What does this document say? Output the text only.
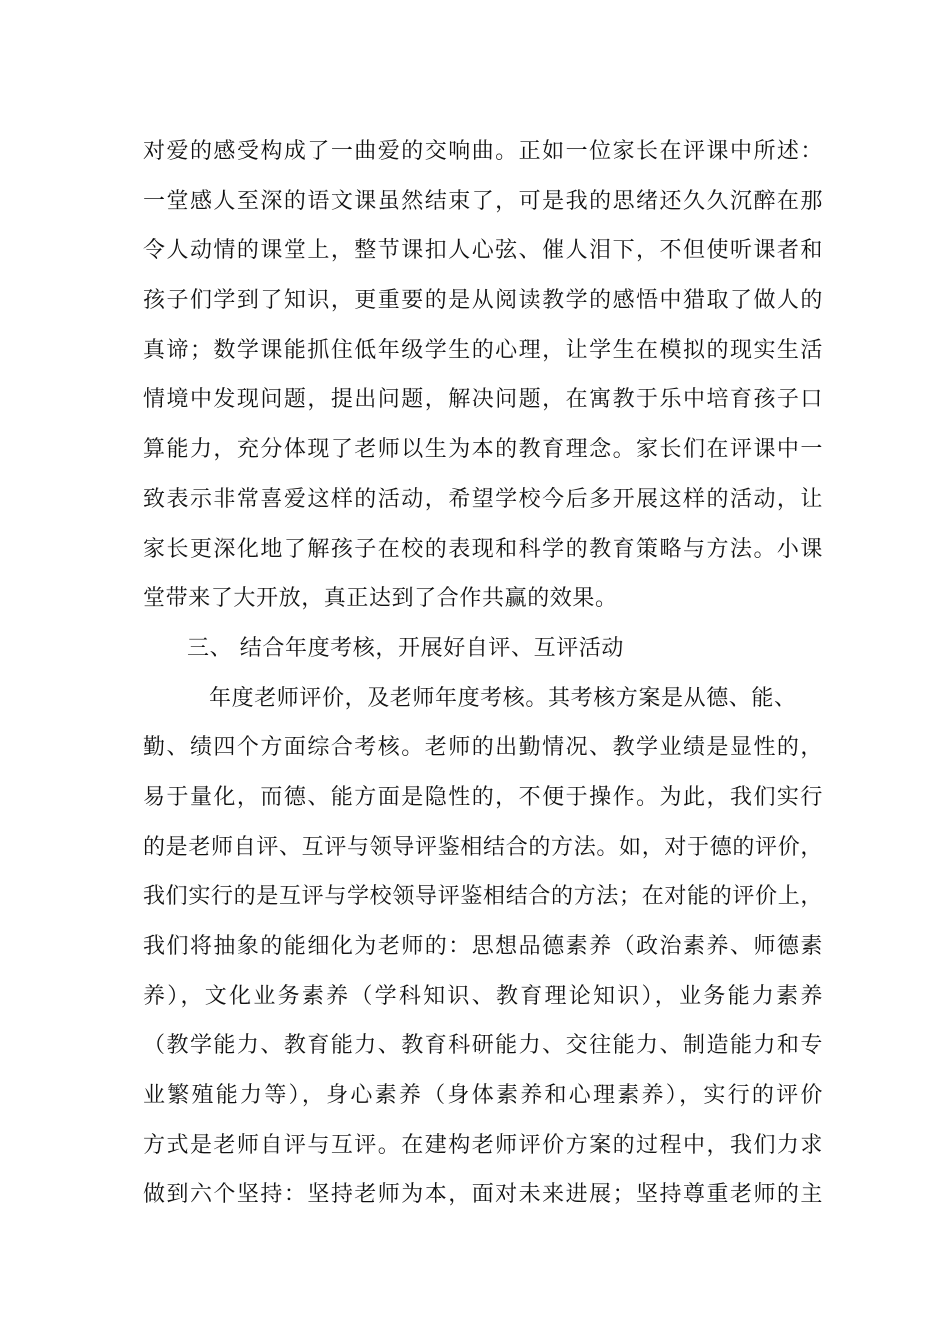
对爱的感受构成了一曲爱的交响曲。正如一位家长在评课中所述：
一堂感人至深的语文课虽然结束了，可是我的思绪还久久沉醉在那
令人动情的课堂上，整节课扣人心弦、催人泪下，不但使听课者和
孩子们学到了知识，更重要的是从阅读教学的感悟中猎取了做人的
真谛；数学课能抓住低年级学生的心理，让学生在模拟的现实生活
情境中发现问题，提出问题，解决问题，在寓教于乐中培育孩子口
算能力，充分体现了老师以生为本的教育理念。家长们在评课中一
致表示非常喜爱这样的活动，希望学校今后多开展这样的活动，让
家长更深化地了解孩子在校的表现和科学的教育策略与方法。小课
堂带来了大开放，真正达到了合作共赢的效果。
三、 结合年度考核，开展好自评、互评活动
年度老师评价，及老师年度考核。其考核方案是从德、能、
勤、绩四个方面综合考核。老师的出勤情况、教学业绩是显性的，
易于量化，而德、能方面是隐性的，不便于操作。为此，我们实行
的是老师自评、互评与领导评鉴相结合的方法。如，对于德的评价，
我们实行的是互评与学校领导评鉴相结合的方法；在对能的评价上，
我们将抽象的能细化为老师的：思想品德素养（政治素养、师德素
养），文化业务素养（学科知识、教育理论知识），业务能力素养
（教学能力、教育能力、教育科研能力、交往能力、制造能力和专
业繁殖能力等），身心素养（身体素养和心理素养），实行的评价
方式是老师自评与互评。在建构老师评价方案的过程中，我们力求
做到六个坚持：坚持老师为本，面对未来进展；坚持尊重老师的主
